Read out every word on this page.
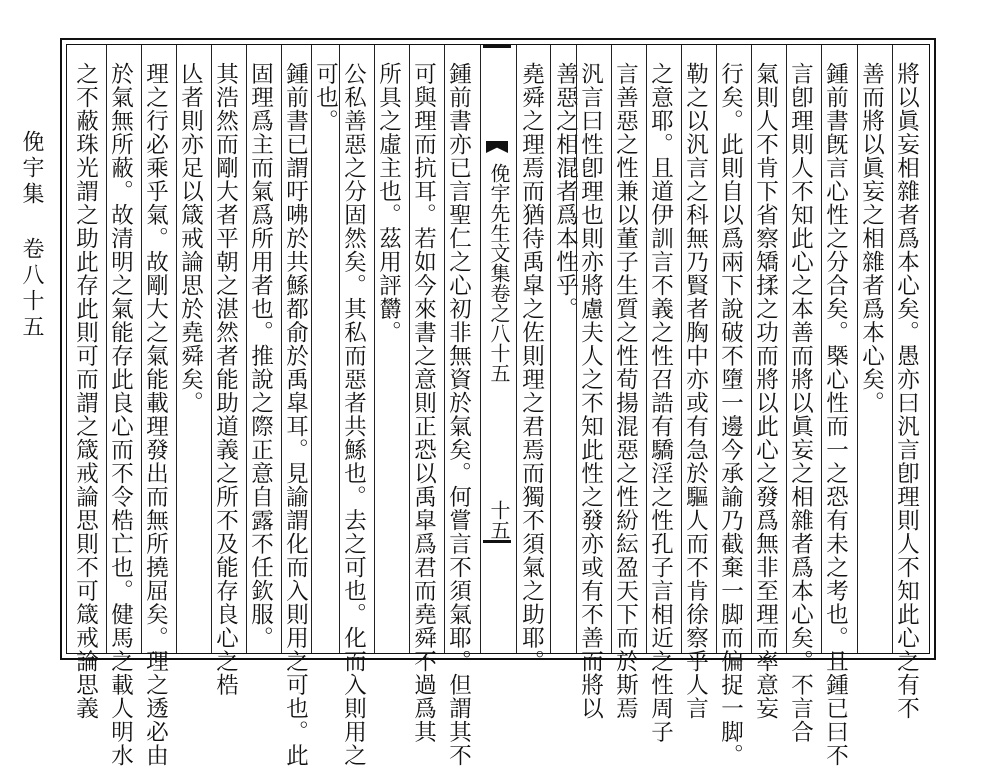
俛宇集 卷八十五	將以眞妄相雜者爲本心矣。愚亦曰汎言卽理則人不知此心之有不
善而將以眞妄之相雜者爲本心矣。
鍾前書旣言心性之分合矣。槩心性而一之恐有未之考也。且鍾已曰不
言卽理則人不知此心之本善而將以眞妄之相雜者爲本心矣。不言合
氣則人不肯下省察矯揉之功而將以此心之發爲無非至理而率意妄
行矣。此則自以爲兩下說破不墮一邊今承諭乃截棄一脚而偏捉一脚。
勒之以汎言之科無乃賢者胸中亦或有急於驅人而不肯徐察乎人言
之意耶。且道伊訓言不義之性召誥有驕淫之性孔子言相近之性周子
言善惡之性兼以董子生質之性荀揚混惡之性紛紜盈天下而於斯焉
汎言曰性卽理也則亦將慮夫人之不知此性之發亦或有不善而將以
善惡之相混者爲本性乎。
堯舜之理焉而猶待禹皐之佐則理之君焉而獨不須氣之助耶。
俛宇先生文集卷之八十五
十五
鍾前書亦已言聖仁之心初非無資於氣矣。何嘗言不須氣耶。但謂其不
可與理而抗耳。若如今來書之意則正恐以禹皐爲君而堯舜不過爲其
所具之虛主也。茲用評欝。
公私善惡之分固然矣。其私而惡者共鯀也。去之可也。化而入則用之
可也。
鍾前書已謂吁咈於共鯀都俞於禹皐耳。見諭謂化而入則用之可也。此
固理爲主而氣爲所用者也。推說之際正意自露不任欽服。
其浩然而剛大者平朝之湛然者能助道義之所不及能存良心之梏
亾者則亦足以箴戒論思於堯舜矣。
理之行必乘乎氣。故剛大之氣能載理發出而無所撓屈矣。理之透必由
於氣無所蔽。故清明之氣能存此良心而不令梏亡也。健馬之載人明水
之不蔽珠光謂之助此存此則可而謂之箴戒論思則不可箴戒論思義
